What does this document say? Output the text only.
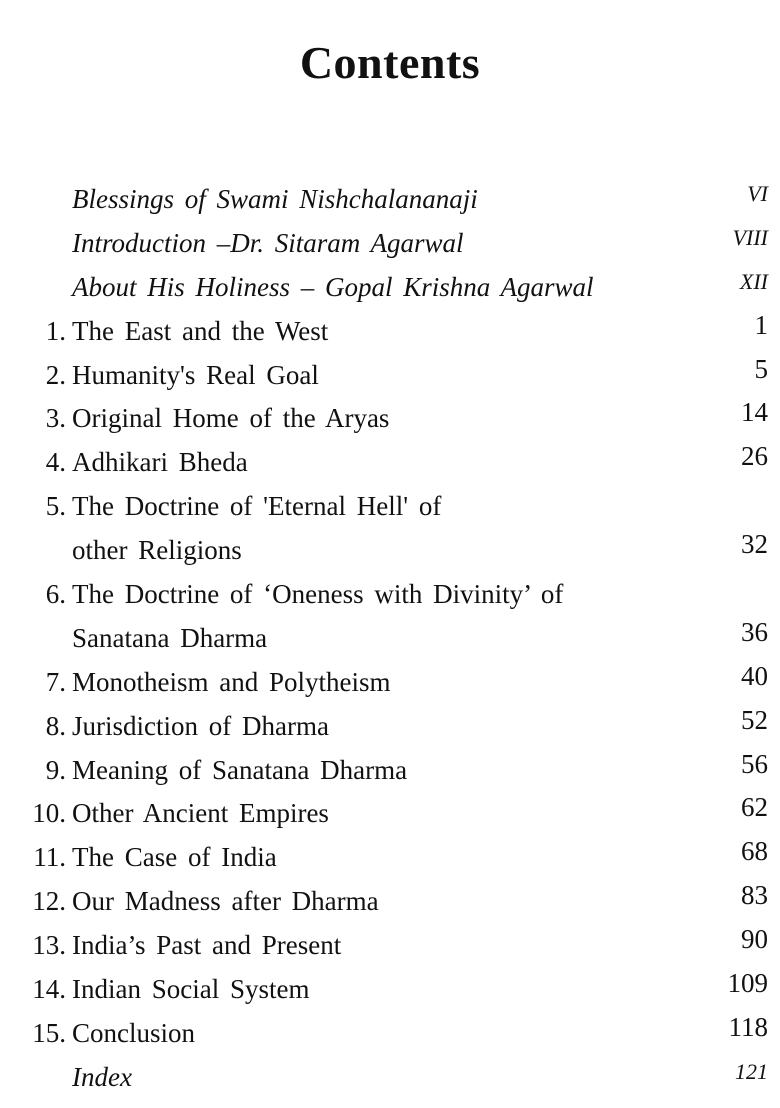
Contents
Blessings of Swami Nishchalananaji	VI
Introduction –Dr. Sitaram Agarwal	VIII
About His Holiness – Gopal Krishna Agarwal	XII
1. The East and the West	1
2. Humanity's Real Goal	5
3. Original Home of the Aryas	14
4. Adhikari Bheda	26
5. The Doctrine of 'Eternal Hell' of
other Religions	32
6. The Doctrine of ‘Oneness with Divinity’ of
Sanatana Dharma	36
7. Monotheism and Polytheism	40
8. Jurisdiction of Dharma	52
9. Meaning of Sanatana Dharma	56
10. Other Ancient Empires	62
11. The Case of India	68
12. Our Madness after Dharma	83
13. India’s Past and Present	90
14. Indian Social System	109
15. Conclusion	118
Index	121
